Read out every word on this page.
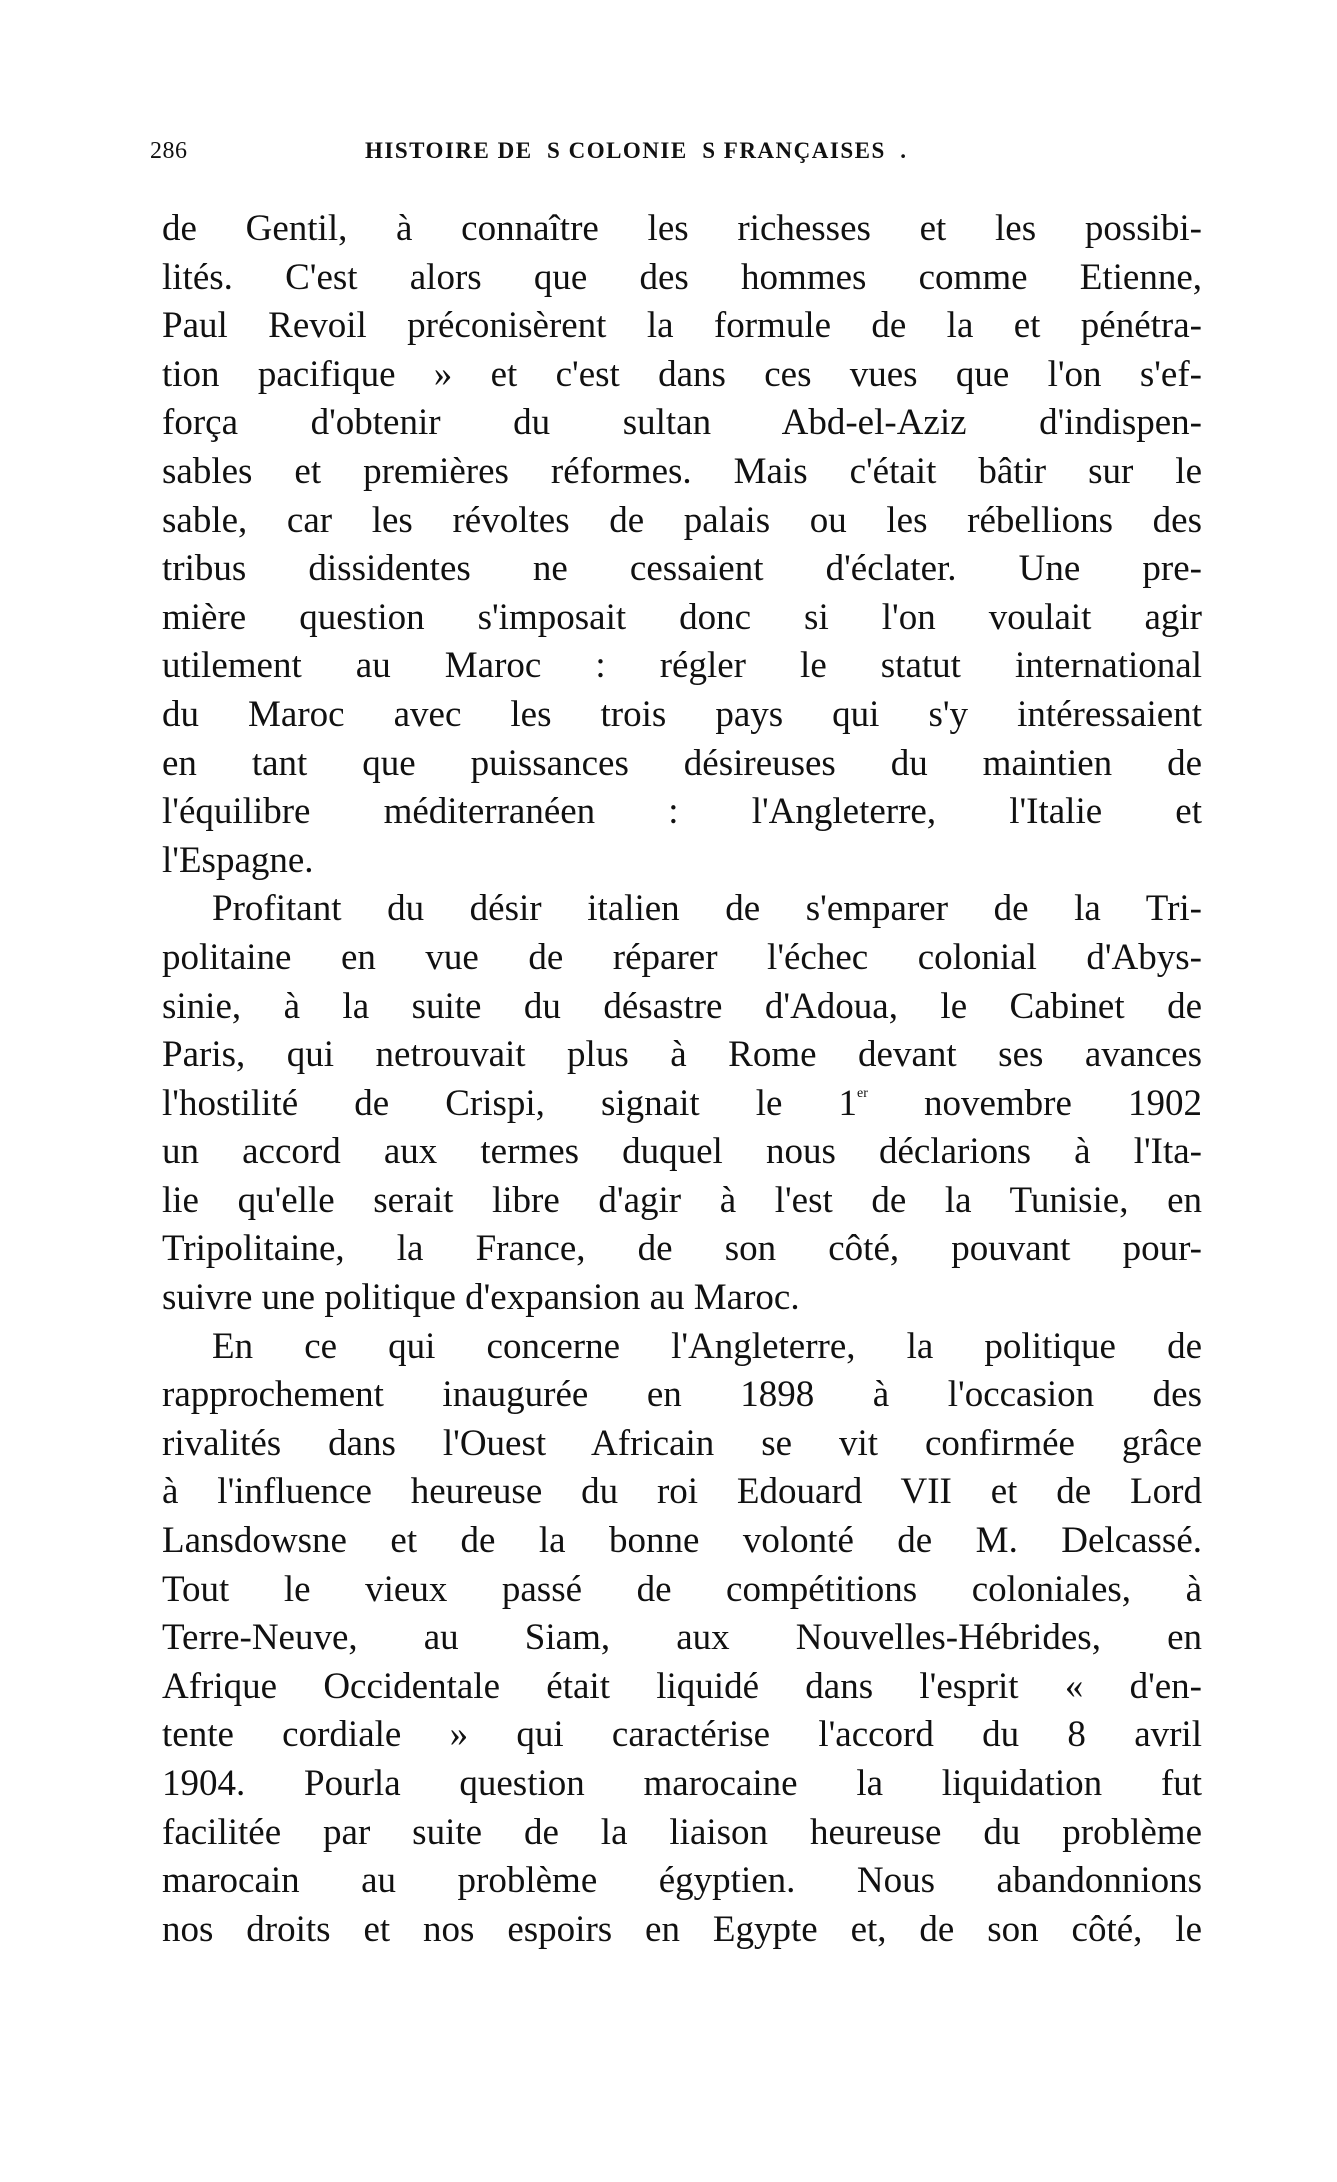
286	HISTOIRE DE  S COLONIE  S FRANÇAISES  .
de Gentil, à connaître les richesses et les possibi-
lités. C'est alors que des hommes comme Etienne,
Paul Revoil préconisèrent la formule de la et pénétra-
tion pacifique » et c'est dans ces vues que l'on s'ef-
força d'obtenir du sultan Abd-el-Aziz d'indispen-
sables et premières réformes. Mais c'était bâtir sur le
sable, car les révoltes de palais ou les rébellions des
tribus dissidentes ne cessaient d'éclater. Une pre-
mière question s'imposait donc si l'on voulait agir
utilement au Maroc : régler le statut international
du Maroc avec les trois pays qui s'y intéressaient
en tant que puissances désireuses du maintien de
l'équilibre méditerranéen : l'Angleterre, l'Italie et
l'Espagne.
Profitant du désir italien de s'emparer de la Tri-
politaine en vue de réparer l'échec colonial d'Abys-
sinie, à la suite du désastre d'Adoua, le Cabinet de
Paris, qui netrouvait plus à Rome devant ses avances
l'hostilité de Crispi, signait le 1er novembre 1902
un accord aux termes duquel nous déclarions à l'Ita-
lie qu'elle serait libre d'agir à l'est de la Tunisie, en
Tripolitaine, la France, de son côté, pouvant pour-
suivre une politique d'expansion au Maroc.
En ce qui concerne l'Angleterre, la politique de
rapprochement inaugurée en 1898 à l'occasion des
rivalités dans l'Ouest Africain se vit confirmée grâce
à l'influence heureuse du roi Edouard VII et de Lord
Lansdowsne et de la bonne volonté de M. Delcassé.
Tout le vieux passé de compétitions coloniales, à
Terre-Neuve, au Siam, aux Nouvelles-Hébrides, en
Afrique Occidentale était liquidé dans l'esprit « d'en-
tente cordiale » qui caractérise l'accord du 8 avril
1904. Pourla question marocaine la liquidation fut
facilitée par suite de la liaison heureuse du problème
marocain au problème égyptien. Nous abandonnions
nos droits et nos espoirs en Egypte et, de son côté, le
